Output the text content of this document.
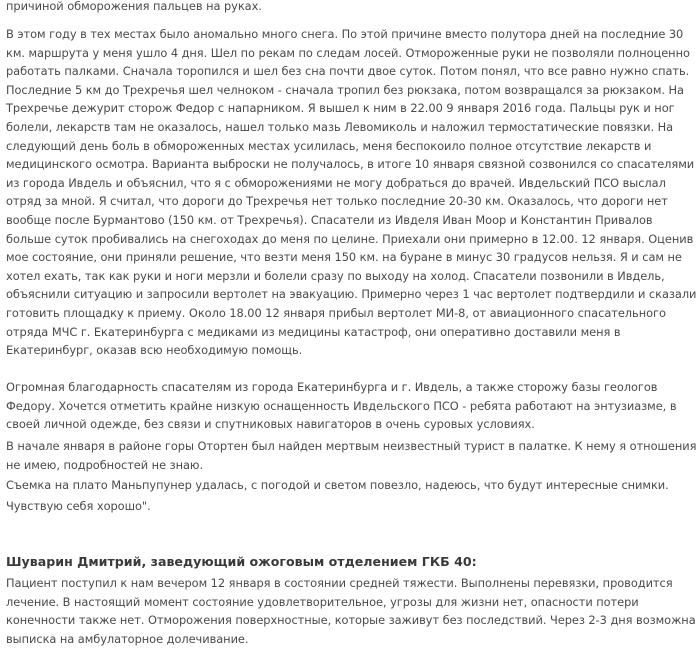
причиной обморожения пальцев на руках.
В этом году в тех местах было аномально много снега. По этой причине вместо полутора дней на последние 30
км. маршрута у меня ушло 4 дня. Шел по рекам по следам лосей. Отмороженные руки не позволяли полноценно
работать палками. Сначала торопился и шел без сна почти двое суток. Потом понял, что все равно нужно спать.
Последние 5 км до Трехречья шел челноком - сначала тропил без рюкзака, потом возвращался за рюкзаком. На
Трехречье дежурит сторож Федор с напарником. Я вышел к ним в 22.00 9 января 2016 года. Пальцы рук и ног
болели, лекарств там не оказалось, нашел только мазь Левомиколь и наложил термостатические повязки. На
следующий день боль в обмороженных местах усилилась, меня беспокоило полное отсутствие лекарств и
медицинского осмотра. Варианта выброски не получалось, в итоге 10 января связной созвонился со спасателями
из города Ивдель и объяснил, что я с обморожениями не могу добраться до врачей. Ивдельский ПСО выслал
отряд за мной. Я считал, что дороги до Трехречья нет только последние 20-30 км. Оказалось, что дороги нет
вообще после Бурмантово (150 км. от Трехречья). Спасатели из Ивделя Иван Моор и Константин Привалов
больше суток пробивались на снегоходах до меня по целине. Приехали они примерно в 12.00. 12 января. Оценив
мое состояние, они приняли решение, что везти меня 150 км. на буране в минус 30 градусов нельзя. Я и сам не
хотел ехать, так как руки и ноги мерзли и болели сразу по выходу на холод. Спасатели позвонили в Ивдель,
объяснили ситуацию и запросили вертолет на эвакуацию. Примерно через 1 час вертолет подтвердили и сказали
готовить площадку к приему. Около 18.00 12 января прибыл вертолет МИ-8, от авиационного спасательного
отряда МЧС г. Екатеринбурга с медиками из медицины катастроф, они оперативно доставили меня в
Екатеринбург, оказав всю необходимую помощь.
Огромная благодарность спасателям из города Екатеринбурга и г. Ивдель, а также сторожу базы геологов
Федору. Хочется отметить крайне низкую оснащенность Ивдельского ПСО - ребята работают на энтузиазме, в
своей личной одежде, без связи и спутниковых навигаторов в очень суровых условиях.
В начале января в районе горы Отортен был найден мертвым неизвестный турист в палатке. К нему я отношения
не имею, подробностей не знаю.
Съемка на плато Маньпупунер удалась, с погодой и светом повезло, надеюсь, что будут интересные снимки.
Чувствую себя хорошо".
Шуварин Дмитрий, заведующий ожоговым отделением ГКБ 40:
Пациент поступил к нам вечером 12 января в состоянии средней тяжести. Выполнены перевязки, проводится
лечение. В настоящий момент состояние удовлетворительное, угрозы для жизни нет, опасности потери
конечности также нет. Отморожения поверхностные, которые заживут без последствий. Через 2-3 дня возможна
выписка на амбулаторное долечивание.
